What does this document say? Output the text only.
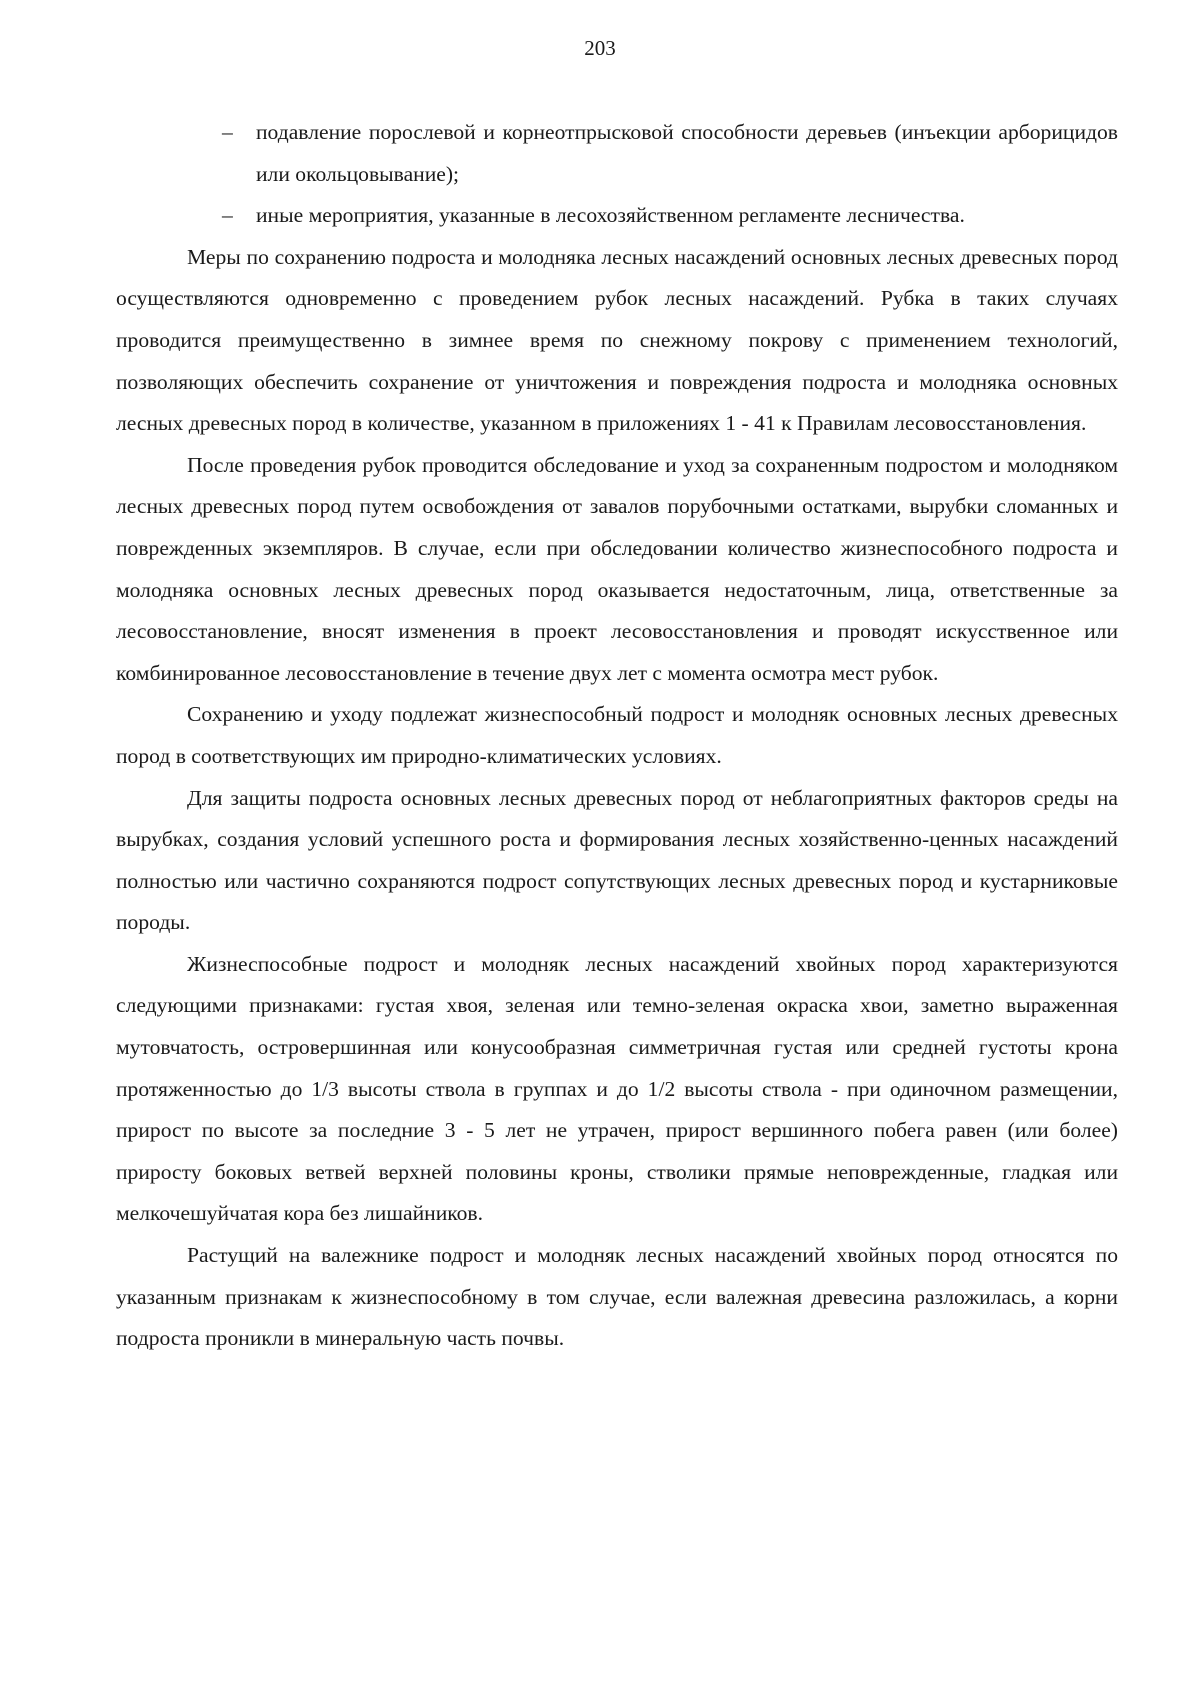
203

– подавление порослевой и корнеотпрысковой способности деревьев (инъекции арборицидов или окольцовывание);

– иные мероприятия, указанные в лесохозяйственном регламенте лесничества.

Меры по сохранению подроста и молодняка лесных насаждений основных лесных древесных пород осуществляются одновременно с проведением рубок лесных насаждений. Рубка в таких случаях проводится преимущественно в зимнее время по снежному покрову с применением технологий, позволяющих обеспечить сохранение от уничтожения и повреждения подроста и молодняка основных лесных древесных пород в количестве, указанном в приложениях 1 - 41 к Правилам лесовосстановления.

После проведения рубок проводится обследование и уход за сохраненным подростом и молодняком лесных древесных пород путем освобождения от завалов порубочными остатками, вырубки сломанных и поврежденных экземпляров. В случае, если при обследовании количество жизнеспособного подроста и молодняка основных лесных древесных пород оказывается недостаточным, лица, ответственные за лесовосстановление, вносят изменения в проект лесовосстановления и проводят искусственное или комбинированное лесовосстановление в течение двух лет с момента осмотра мест рубок.

Сохранению и уходу подлежат жизнеспособный подрост и молодняк основных лесных древесных пород в соответствующих им природно-климатических условиях.

Для защиты подроста основных лесных древесных пород от неблагоприятных факторов среды на вырубках, создания условий успешного роста и формирования лесных хозяйственно-ценных насаждений полностью или частично сохраняются подрост сопутствующих лесных древесных пород и кустарниковые породы.

Жизнеспособные подрост и молодняк лесных насаждений хвойных пород характеризуются следующими признаками: густая хвоя, зеленая или темно-зеленая окраска хвои, заметно выраженная мутовчатость, островершинная или конусообразная симметричная густая или средней густоты крона протяженностью до 1/3 высоты ствола в группах и до 1/2 высоты ствола - при одиночном размещении, прирост по высоте за последние 3 - 5 лет не утрачен, прирост вершинного побега равен (или более) приросту боковых ветвей верхней половины кроны, стволики прямые неповрежденные, гладкая или мелкочешуйчатая кора без лишайников.

Растущий на валежнике подрост и молодняк лесных насаждений хвойных пород относятся по указанным признакам к жизнеспособному в том случае, если валежная древесина разложилась, а корни подроста проникли в минеральную часть почвы.
